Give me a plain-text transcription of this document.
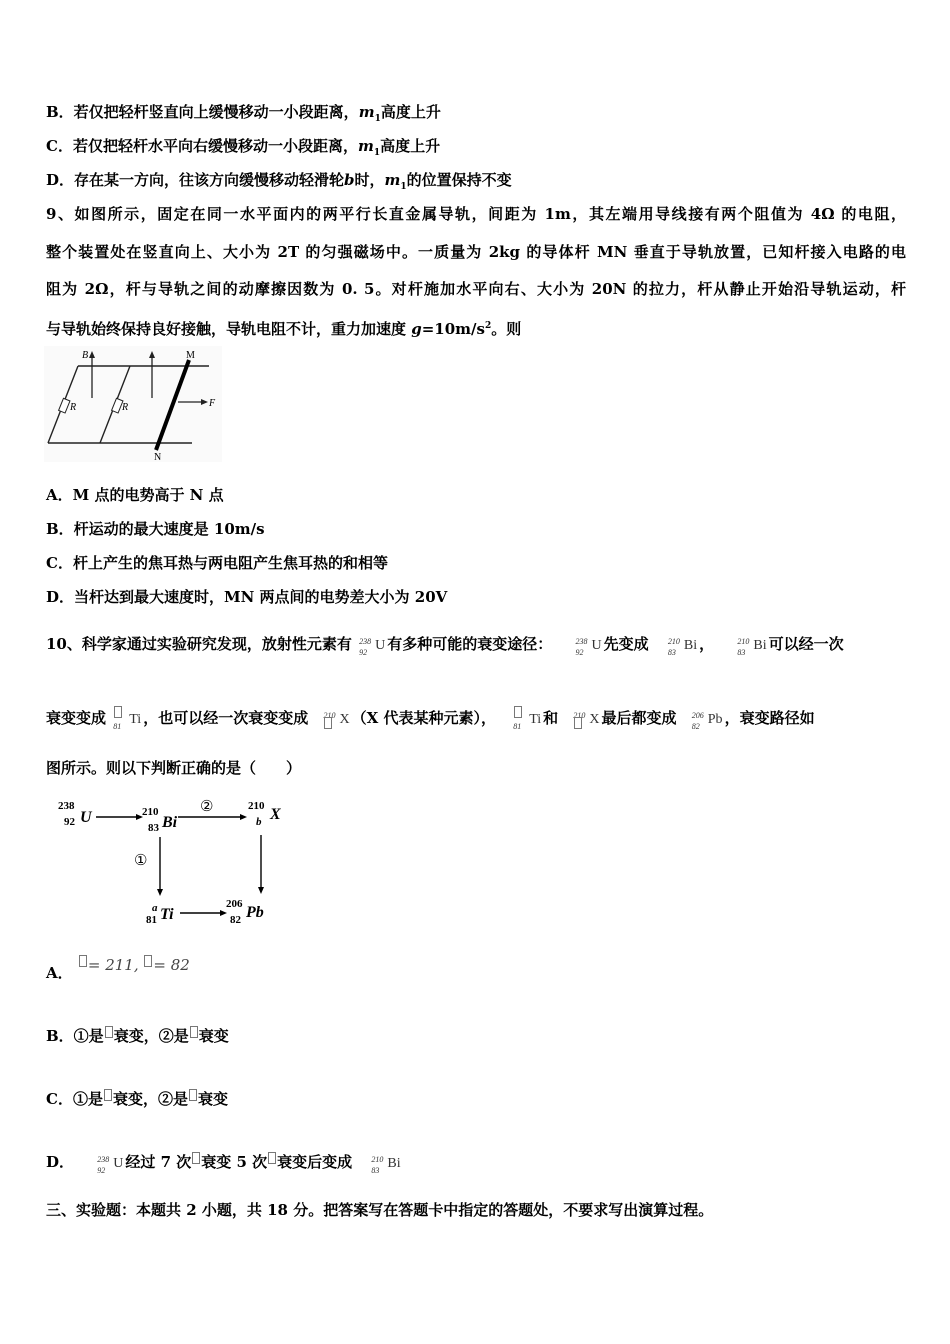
B．若仅把轻杆竖直向上缓慢移动一小段距离，$m_1$高度上升
C．若仅把轻杆水平向右缓慢移动一小段距离，$m_1$高度上升
D．存在某一方向，往该方向缓慢移动轻滑轮b时，$m_1$的位置保持不变
9、如图所示，固定在同一水平面内的两平行长直金属导轨，间距为 1m，其左端用导线接有两个阻值为 4Ω 的电阻，
整个装置处在竖直向上、大小为 2T 的匀强磁场中。一质量为 2kg 的导体杆 MN 垂直于导轨放置，已知杆接入电路的电
阻为 2Ω，杆与导轨之间的动摩擦因数为 0. 5。对杆施加水平向右、大小为 20N 的拉力，杆从静止开始沿导轨运动，杆
与导轨始终保持良好接触，导轨电阻不计，重力加速度 $g=10m/s^2$。则
R	R
B	M
N
F
A．M 点的电势高于 N 点
B．杆运动的最大速度是 10m/s
C．杆上产生的焦耳热与两电阻产生焦耳热的和相等
D．当杆达到最大速度时，MN 两点间的电势差大小为 20V
10、科学家通过实验研究发现，放射性元素有 238
92 U 有多种可能的衰变途径：	238
92 U 先变成 210
83 Bi ，	210
83 Bi 可以经一次
衰变变成 81 Ti ，也可以经一次衰变变成 210 X （X 代表某种元素）， 81 Ti 和 210 X 最后都变成 206
82 Pb ，衰变路径如
图所示。则以下判断正确的是（　　）
238
92 U	210
83 Bi
②	210
b X
①
a
81 Ti
206
82 Pb
A． = 211, = 82
B．①是 衰变，②是 衰变
C．①是 衰变，②是 衰变
D．	238
92 U 经过 7 次 衰变 5 次 衰变后变成 210
83 Bi
三、实验题：本题共 2 小题，共 18 分。把答案写在答题卡中指定的答题处，不要求写出演算过程。
